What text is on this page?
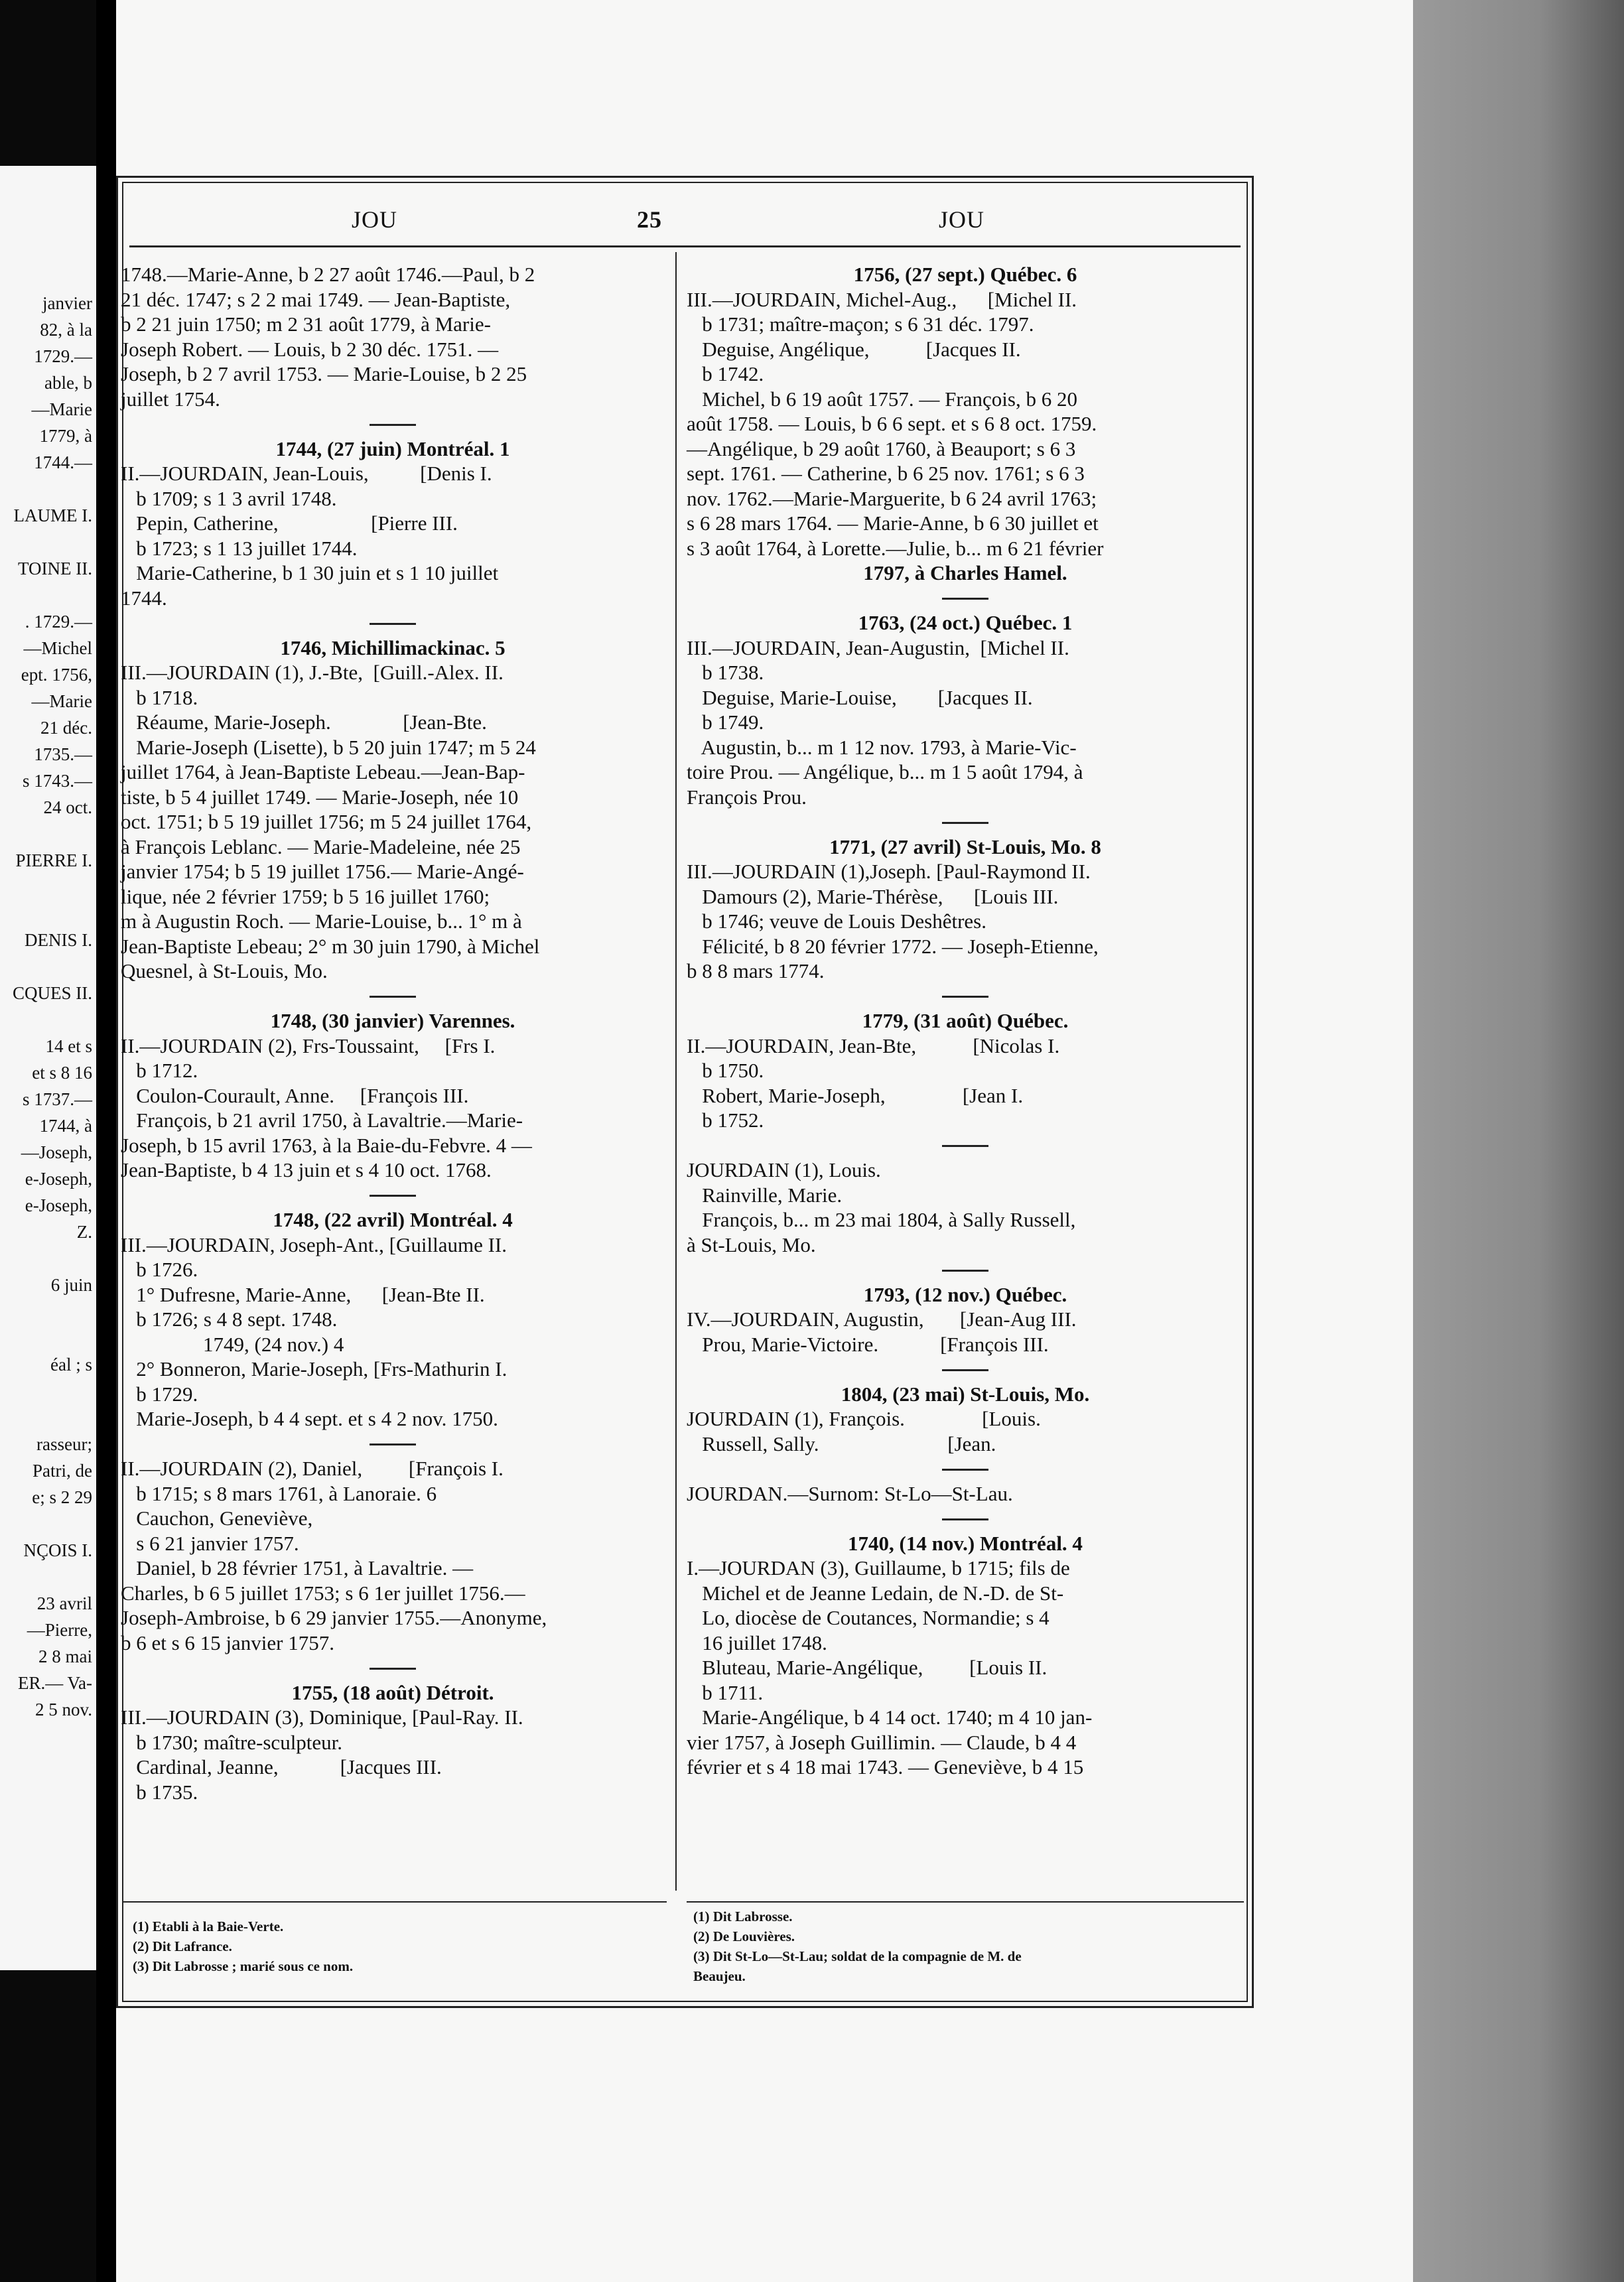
janvier
82, à la
1729.—
able, b
—Marie
1779, à
1744.—
LAUME I.
TOINE II.
. 1729.—
—Michel
ept. 1756,
—Marie
21 déc.
1735.—
s 1743.—
24 oct.
PIERRE I.
DENIS I.
CQUES II.
14 et s
et s 8 16
s 1737.—
1744, à
—Joseph,
e-Joseph,
e-Joseph,
Z.
6 juin
éal ; s
rasseur;
Patri, de
e; s 2 29
NÇOIS I.
23 avril
—Pierre,
2 8 mai
ER.— Va-
2 5 nov.
JOU	25	JOU
1748.—Marie-Anne, b 2 27 août 1746.—Paul, b 2
21 déc. 1747; s 2 2 mai 1749. — Jean-Baptiste,
b 2 21 juin 1750; m 2 31 août 1779, à Marie-
Joseph Robert. — Louis, b 2 30 déc. 1751. —
Joseph, b 2 7 avril 1753. — Marie-Louise, b 2 25
juillet 1754.
1744, (27 juin) Montréal. 1
II.—JOURDAIN, Jean-Louis,          [Denis I.
b 1709; s 1 3 avril 1748.
Pepin, Catherine,                  [Pierre III.
b 1723; s 1 13 juillet 1744.
Marie-Catherine, b 1 30 juin et s 1 10 juillet
1744.
1746, Michillimackinac. 5
III.—JOURDAIN (1), J.-Bte,  [Guill.-Alex. II.
b 1718.
Réaume, Marie-Joseph.              [Jean-Bte.
Marie-Joseph (Lisette), b 5 20 juin 1747; m 5 24
juillet 1764, à Jean-Baptiste Lebeau.—Jean-Bap-
tiste, b 5 4 juillet 1749. — Marie-Joseph, née 10
oct. 1751; b 5 19 juillet 1756; m 5 24 juillet 1764,
à François Leblanc. — Marie-Madeleine, née 25
janvier 1754; b 5 19 juillet 1756.— Marie-Angé-
lique, née 2 février 1759; b 5 16 juillet 1760;
m à Augustin Roch. — Marie-Louise, b... 1° m à
Jean-Baptiste Lebeau; 2° m 30 juin 1790, à Michel
Quesnel, à St-Louis, Mo.
1748, (30 janvier) Varennes.
II.—JOURDAIN (2), Frs-Toussaint,     [Frs I.
b 1712.
Coulon-Courault, Anne.     [François III.
François, b 21 avril 1750, à Lavaltrie.—Marie-
Joseph, b 15 avril 1763, à la Baie-du-Febvre. 4 —
Jean-Baptiste, b 4 13 juin et s 4 10 oct. 1768.
1748, (22 avril) Montréal. 4
III.—JOURDAIN, Joseph-Ant., [Guillaume II.
b 1726.
1° Dufresne, Marie-Anne,      [Jean-Bte II.
b 1726; s 4 8 sept. 1748.
1749, (24 nov.) 4
2° Bonneron, Marie-Joseph, [Frs-Mathurin I.
b 1729.
Marie-Joseph, b 4 4 sept. et s 4 2 nov. 1750.
II.—JOURDAIN (2), Daniel,         [François I.
b 1715; s 8 mars 1761, à Lanoraie. 6
Cauchon, Geneviève,
s 6 21 janvier 1757.
Daniel, b 28 février 1751, à Lavaltrie. —
Charles, b 6 5 juillet 1753; s 6 1er juillet 1756.—
Joseph-Ambroise, b 6 29 janvier 1755.—Anonyme,
b 6 et s 6 15 janvier 1757.
1755, (18 août) Détroit.
III.—JOURDAIN (3), Dominique, [Paul-Ray. II.
b 1730; maître-sculpteur.
Cardinal, Jeanne,            [Jacques III.
b 1735.
1756, (27 sept.) Québec. 6
III.—JOURDAIN, Michel-Aug.,      [Michel II.
b 1731; maître-maçon; s 6 31 déc. 1797.
Deguise, Angélique,           [Jacques II.
b 1742.
Michel, b 6 19 août 1757. — François, b 6 20
août 1758. — Louis, b 6 6 sept. et s 6 8 oct. 1759.
—Angélique, b 29 août 1760, à Beauport; s 6 3
sept. 1761. — Catherine, b 6 25 nov. 1761; s 6 3
nov. 1762.—Marie-Marguerite, b 6 24 avril 1763;
s 6 28 mars 1764. — Marie-Anne, b 6 30 juillet et
s 3 août 1764, à Lorette.—Julie, b... m 6 21 février
1797, à Charles Hamel.
1763, (24 oct.) Québec. 1
III.—JOURDAIN, Jean-Augustin,  [Michel II.
b 1738.
Deguise, Marie-Louise,        [Jacques II.
b 1749.
Augustin, b... m 1 12 nov. 1793, à Marie-Vic-
toire Prou. — Angélique, b... m 1 5 août 1794, à
François Prou.
1771, (27 avril) St-Louis, Mo. 8
III.—JOURDAIN (1),Joseph. [Paul-Raymond II.
Damours (2), Marie-Thérèse,      [Louis III.
b 1746; veuve de Louis Deshêtres.
Félicité, b 8 20 février 1772. — Joseph-Etienne,
b 8 8 mars 1774.
1779, (31 août) Québec.
II.—JOURDAIN, Jean-Bte,           [Nicolas I.
b 1750.
Robert, Marie-Joseph,               [Jean I.
b 1752.
JOURDAIN (1), Louis.
Rainville, Marie.
François, b... m 23 mai 1804, à Sally Russell,
à St-Louis, Mo.
1793, (12 nov.) Québec.
IV.—JOURDAIN, Augustin,       [Jean-Aug III.
Prou, Marie-Victoire.            [François III.
1804, (23 mai) St-Louis, Mo.
JOURDAIN (1), François.               [Louis.
Russell, Sally.                         [Jean.
JOURDAN.—Surnom: St-Lo—St-Lau.
1740, (14 nov.) Montréal. 4
I.—JOURDAN (3), Guillaume, b 1715; fils de
Michel et de Jeanne Ledain, de N.-D. de St-
Lo, diocèse de Coutances, Normandie; s 4
16 juillet 1748.
Bluteau, Marie-Angélique,         [Louis II.
b 1711.
Marie-Angélique, b 4 14 oct. 1740; m 4 10 jan-
vier 1757, à Joseph Guillimin. — Claude, b 4 4
février et s 4 18 mai 1743. — Geneviève, b 4 15
(1) Etabli à la Baie-Verte.
(2) Dit Lafrance.
(3) Dit Labrosse ; marié sous ce nom.
(1) Dit Labrosse.
(2) De Louvières.
(3) Dit St-Lo—St-Lau; soldat de la compagnie de M. de
Beaujeu.
